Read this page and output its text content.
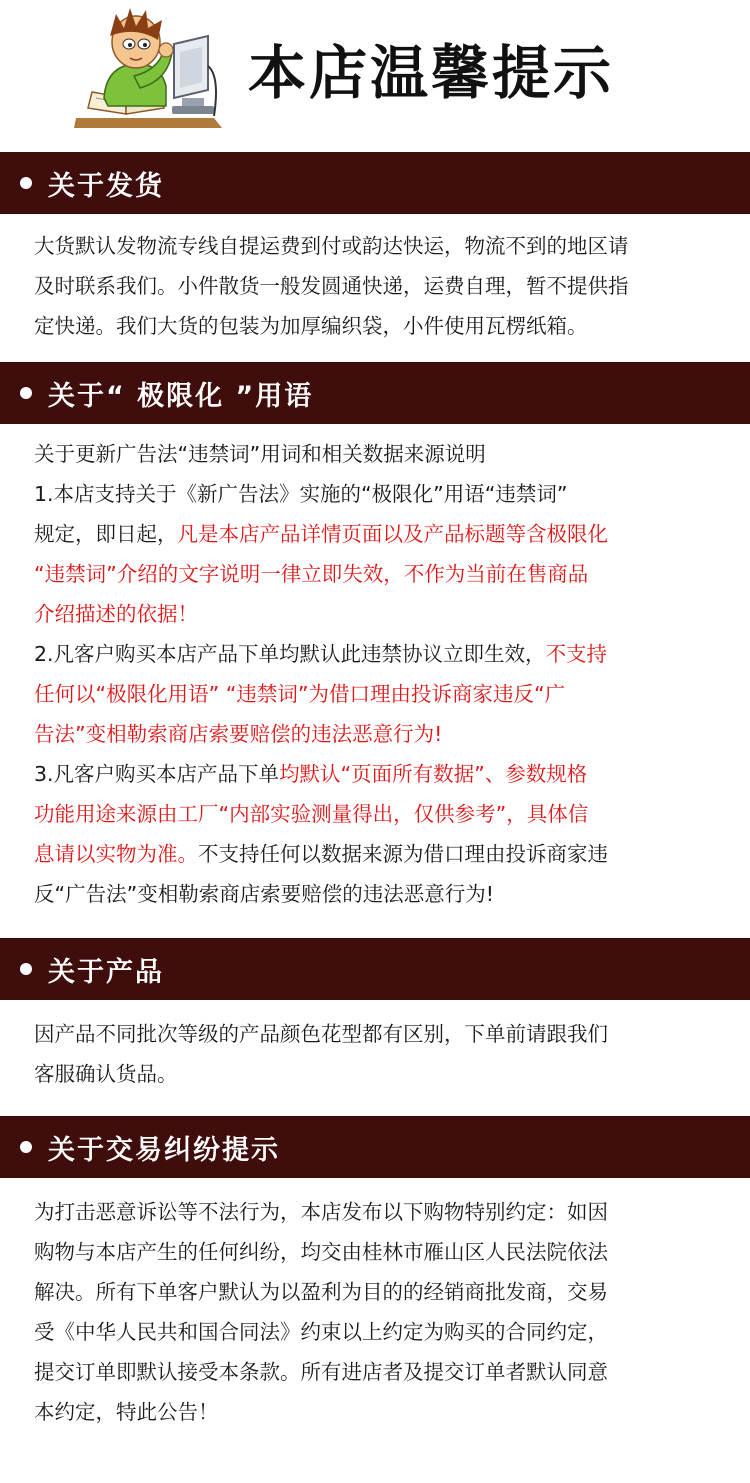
本店温馨提示
关于发货
大货默认发物流专线自提运费到付或韵达快运，物流不到的地区请
及时联系我们。小件散货一般发圆通快递，运费自理，暂不提供指
定快递。我们大货的包装为加厚编织袋，小件使用瓦楞纸箱。
关于“ 极限化 ”用语
关于更新广告法“违禁词”用词和相关数据来源说明
1.本店支持关于《新广告法》实施的“极限化”用语“违禁词”
规定，即日起，凡是本店产品详情页面以及产品标题等含极限化
“违禁词”介绍的文字说明一律立即失效，不作为当前在售商品
介绍描述的依据！
2.凡客户购买本店产品下单均默认此违禁协议立即生效，不支持
任何以“极限化用语” “违禁词”为借口理由投诉商家违反“广
告法”变相勒索商店索要赔偿的违法恶意行为!
3.凡客户购买本店产品下单均默认“页面所有数据”、参数规格
功能用途来源由工厂“内部实验测量得出，仅供参考”，具体信
息请以实物为准。不支持任何以数据来源为借口理由投诉商家违
反“广告法”变相勒索商店索要赔偿的违法恶意行为!
关于产品
因产品不同批次等级的产品颜色花型都有区别，下单前请跟我们
客服确认货品。
关于交易纠纷提示
为打击恶意诉讼等不法行为，本店发布以下购物特别约定：如因
购物与本店产生的任何纠纷，均交由桂林市雁山区人民法院依法
解决。所有下单客户默认为以盈利为目的的经销商批发商，交易
受《中华人民共和国合同法》约束以上约定为购买的合同约定，
提交订单即默认接受本条款。所有进店者及提交订单者默认同意
本约定，特此公告！
